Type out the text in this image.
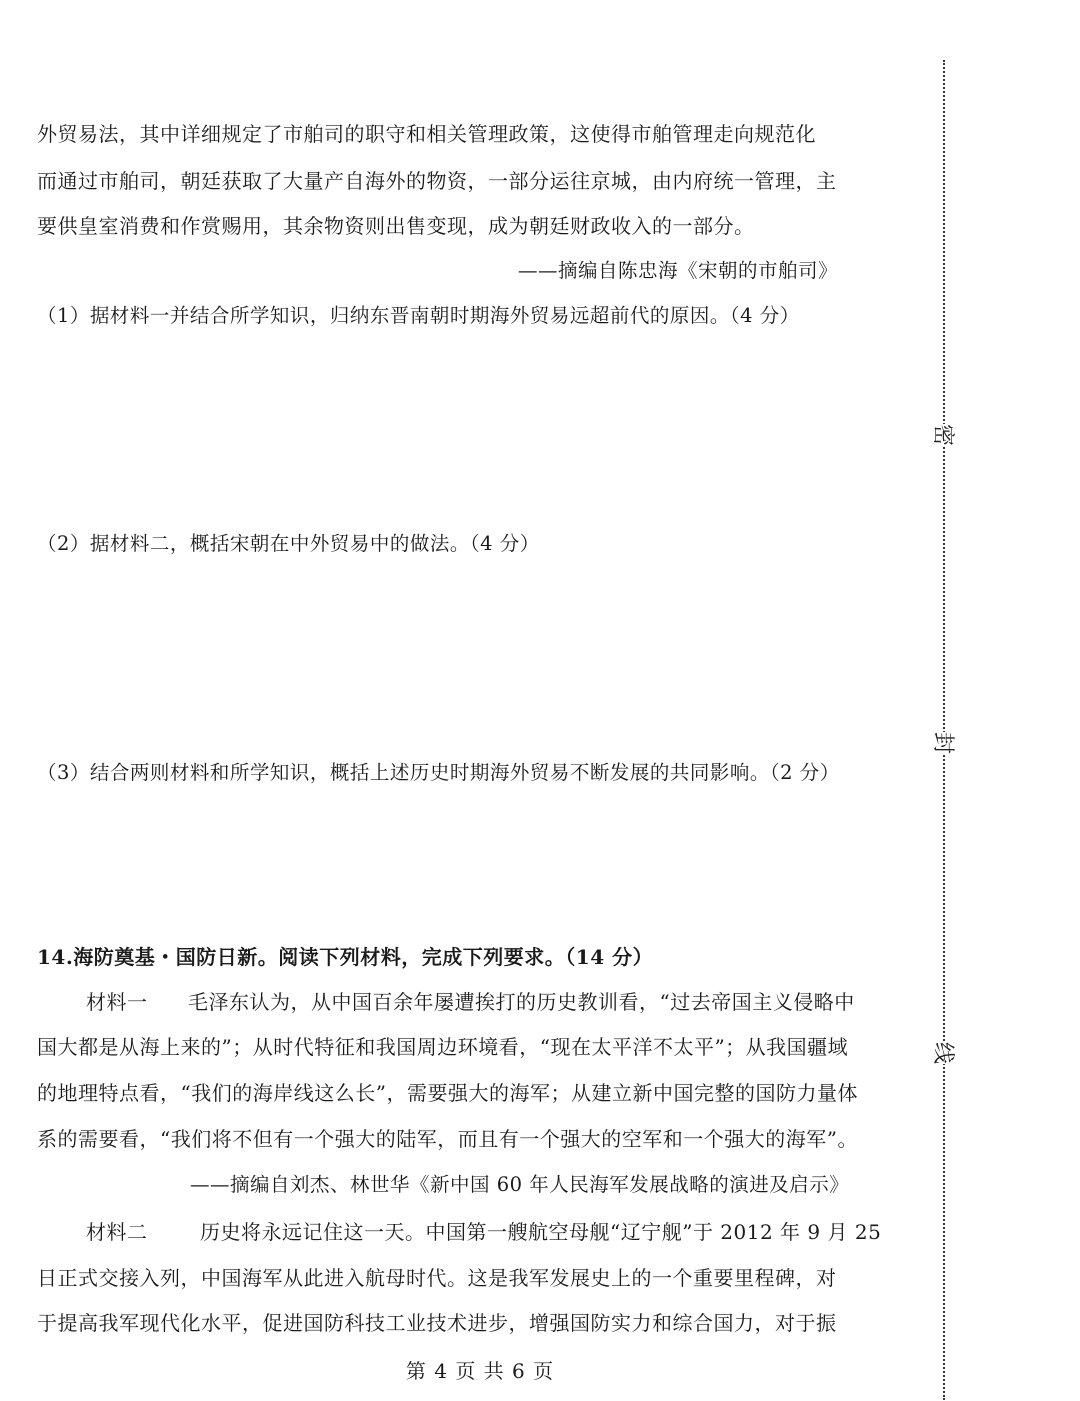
外贸易法，其中详细规定了市舶司的职守和相关管理政策，这使得市舶管理走向规范化
而通过市舶司，朝廷获取了大量产自海外的物资，一部分运往京城，由内府统一管理，主
要供皇室消费和作赏赐用，其余物资则出售变现，成为朝廷财政收入的一部分。
——摘编自陈忠海《宋朝的市舶司》
（1）据材料一并结合所学知识，归纳东晋南朝时期海外贸易远超前代的原因。（4 分）
（2）据材料二，概括宋朝在中外贸易中的做法。（4 分）
（3）结合两则材料和所学知识，概括上述历史时期海外贸易不断发展的共同影响。（2 分）
14.海防奠基・国防日新。阅读下列材料，完成下列要求。（14 分）
材料一 毛泽东认为，从中国百余年屡遭挨打的历史教训看，“过去帝国主义侵略中
国大都是从海上来的”；从时代特征和我国周边环境看，“现在太平洋不太平”；从我国疆域
的地理特点看，“我们的海岸线这么长”，需要强大的海军；从建立新中国完整的国防力量体
系的需要看，“我们将不但有一个强大的陆军，而且有一个强大的空军和一个强大的海军”。
——摘编自刘杰、林世华《新中国 60 年人民海军发展战略的演进及启示》
材料二	历史将永远记住这一天。中国第一艘航空母舰“辽宁舰”于 2012 年 9 月 25
日正式交接入列，中国海军从此进入航母时代。这是我军发展史上的一个重要里程碑，对
于提高我军现代化水平，促进国防科技工业技术进步，增强国防实力和综合国力，对于振
第 4 页 共 6 页
密
封
线
